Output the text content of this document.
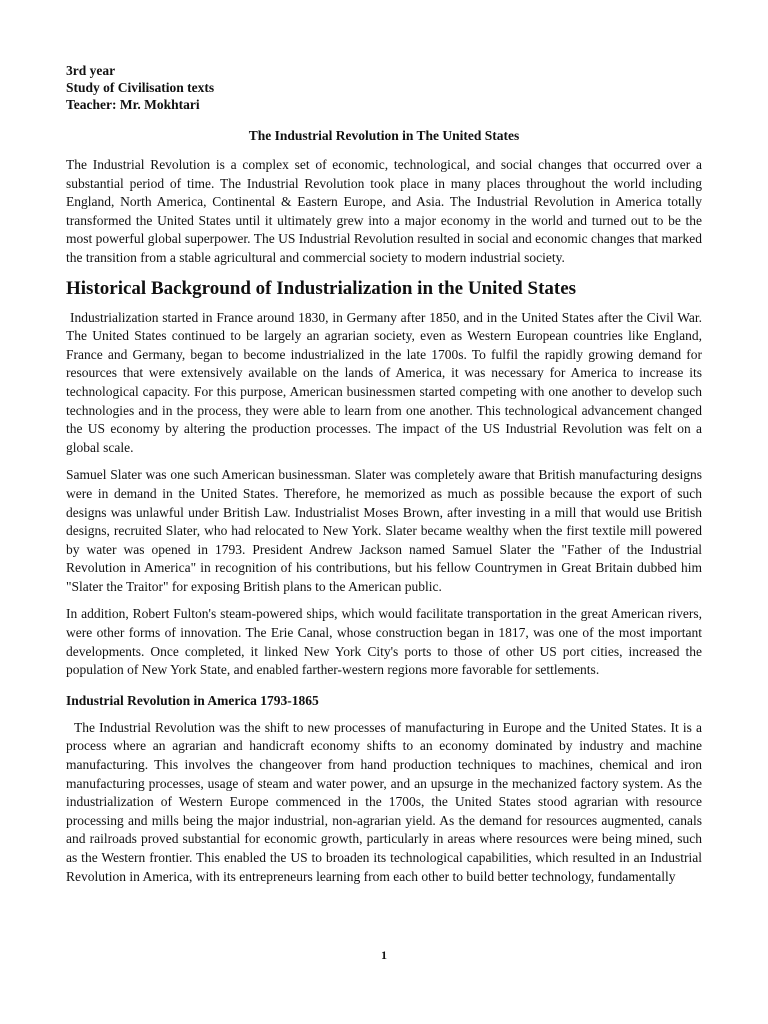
3rd year

Study of Civilisation texts

Teacher: Mr. Mokhtari

The Industrial Revolution in The United States

The Industrial Revolution is a complex set of economic, technological, and social changes that occurred over a substantial period of time. The Industrial Revolution took place in many places throughout the world including England, North America, Continental & Eastern Europe, and Asia. The Industrial Revolution in America totally transformed the United States until it ultimately grew into a major economy in the world and turned out to be the most powerful global superpower. The US Industrial Revolution resulted in social and economic changes that marked the transition from a stable agricultural and commercial society to modern industrial society.

Historical Background of Industrialization in the United States

Industrialization started in France around 1830, in Germany after 1850, and in the United States after the Civil War. The United States continued to be largely an agrarian society, even as Western European countries like England, France and Germany, began to become industrialized in the late 1700s. To fulfil the rapidly growing demand for resources that were extensively available on the lands of America, it was necessary for America to increase its technological capacity. For this purpose, American businessmen started competing with one another to develop such technologies and in the process, they were able to learn from one another. This technological advancement changed the US economy by altering the production processes. The impact of the US Industrial Revolution was felt on a global scale.

Samuel Slater was one such American businessman. Slater was completely aware that British manufacturing designs were in demand in the United States. Therefore, he memorized as much as possible because the export of such designs was unlawful under British Law. Industrialist Moses Brown, after investing in a mill that would use British designs, recruited Slater, who had relocated to New York. Slater became wealthy when the first textile mill powered by water was opened in 1793. President Andrew Jackson named Samuel Slater the "Father of the Industrial Revolution in America" in recognition of his contributions, but his fellow Countrymen in Great Britain dubbed him "Slater the Traitor" for exposing British plans to the American public.

In addition, Robert Fulton's steam-powered ships, which would facilitate transportation in the great American rivers, were other forms of innovation. The Erie Canal, whose construction began in 1817, was one of the most important developments. Once completed, it linked New York City's ports to those of other US port cities, increased the population of New York State, and enabled farther-western regions more favorable for settlements.

Industrial Revolution in America 1793-1865

The Industrial Revolution was the shift to new processes of manufacturing in Europe and the United States. It is a process where an agrarian and handicraft economy shifts to an economy dominated by industry and machine manufacturing. This involves the changeover from hand production techniques to machines, chemical and iron manufacturing processes, usage of steam and water power, and an upsurge in the mechanized factory system. As the industrialization of Western Europe commenced in the 1700s, the United States stood agrarian with resource processing and mills being the major industrial, non-agrarian yield. As the demand for resources augmented, canals and railroads proved substantial for economic growth, particularly in areas where resources were being mined, such as the Western frontier. This enabled the US to broaden its technological capabilities, which resulted in an Industrial Revolution in America, with its entrepreneurs learning from each other to build better technology, fundamentally

1
